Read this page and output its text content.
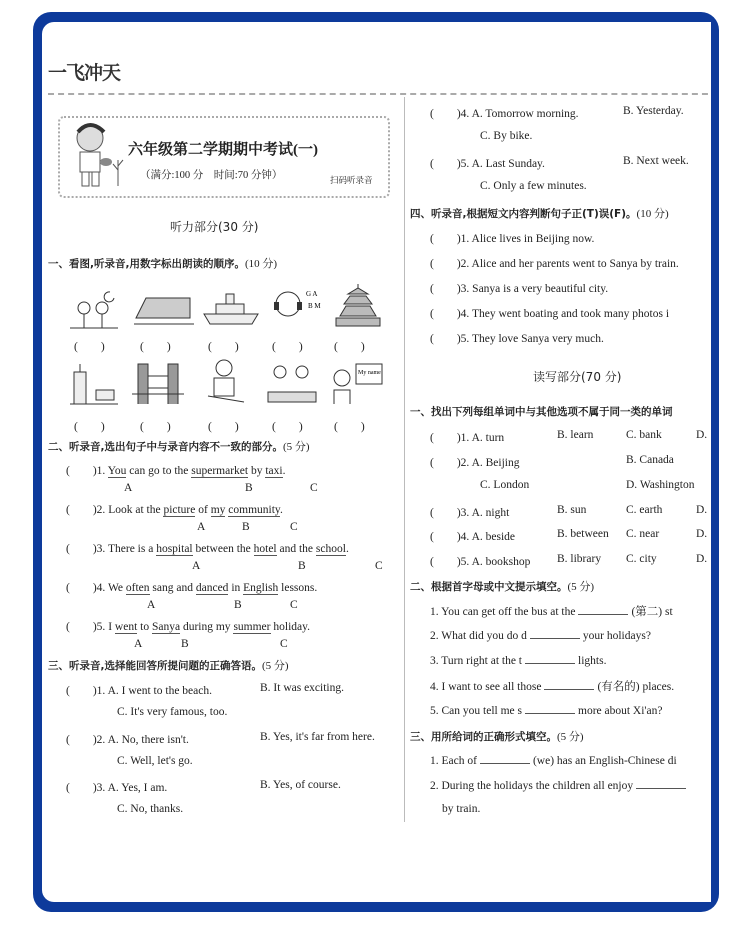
一飞冲天
六年级第二学期期中考试(一)
（满分:100 分　时间:70 分钟）	扫码听录音
听力部分(30 分)
一、看图,听录音,用数字标出朗读的顺序。(10 分)
G A
B M
(　　)	(　　)	(　　)	(　　)	(　　)
My name
(　　)	(　　)	(　　)	(　　)	(　　)
二、听录音,选出句子中与录音内容不一致的部分。(5 分)
(　　)1. You can go to the supermarket by taxi.
A	B	C
(　　)2. Look at the picture of my community.
A	B	C
(　　)3. There is a hospital between the hotel and the school.
A	B	C
(　　)4. We often sang and danced in English lessons.
A	B	C
(　　)5. I went to Sanya during my summer holiday.
A	B	C
三、听录音,选择能回答所提问题的正确答语。(5 分)
(　　)1. A. I went to the beach.	B. It was exciting.
C. It's very famous, too.
(　　)2. A. No, there isn't.	B. Yes, it's far from here.
C. Well, let's go.
(　　)3. A. Yes, I am.	B. Yes, of course.
C. No, thanks.
(　　)4. A. Tomorrow morning.	B. Yesterday.
C. By bike.
(　　)5. A. Last Sunday.	B. Next week.
C. Only a few minutes.
四、听录音,根据短文内容判断句子正(T)误(F)。(10 分)
(　　)1. Alice lives in Beijing now.
(　　)2. Alice and her parents went to Sanya by train.
(　　)3. Sanya is a very beautiful city.
(　　)4. They went boating and took many photos i
(　　)5. They love Sanya very much.
读写部分(70 分)
一、找出下列每组单词中与其他选项不属于同一类的单词
(　　)1. A. turn	B. learn	C. bank	D.
(　　)2. A. Beijing	B. Canada
C. London	D. Washington
(　　)3. A. night	B. sun	C. earth	D.
(　　)4. A. beside	B. between C. near	D.
(　　)5. A. bookshop B. library C. city	D.
二、根据首字母或中文提示填空。(5 分)
1. You can get off the bus at the	(第二) st
2. What did you do d	your holidays?
3. Turn right at the t	lights.
4. I want to see all those	(有名的) places.
5. Can you tell me s	more about Xi'an?
三、用所给词的正确形式填空。(5 分)
1. Each of	(we) has an English-Chinese di
2. During the holidays the children all enjoy
by train.
